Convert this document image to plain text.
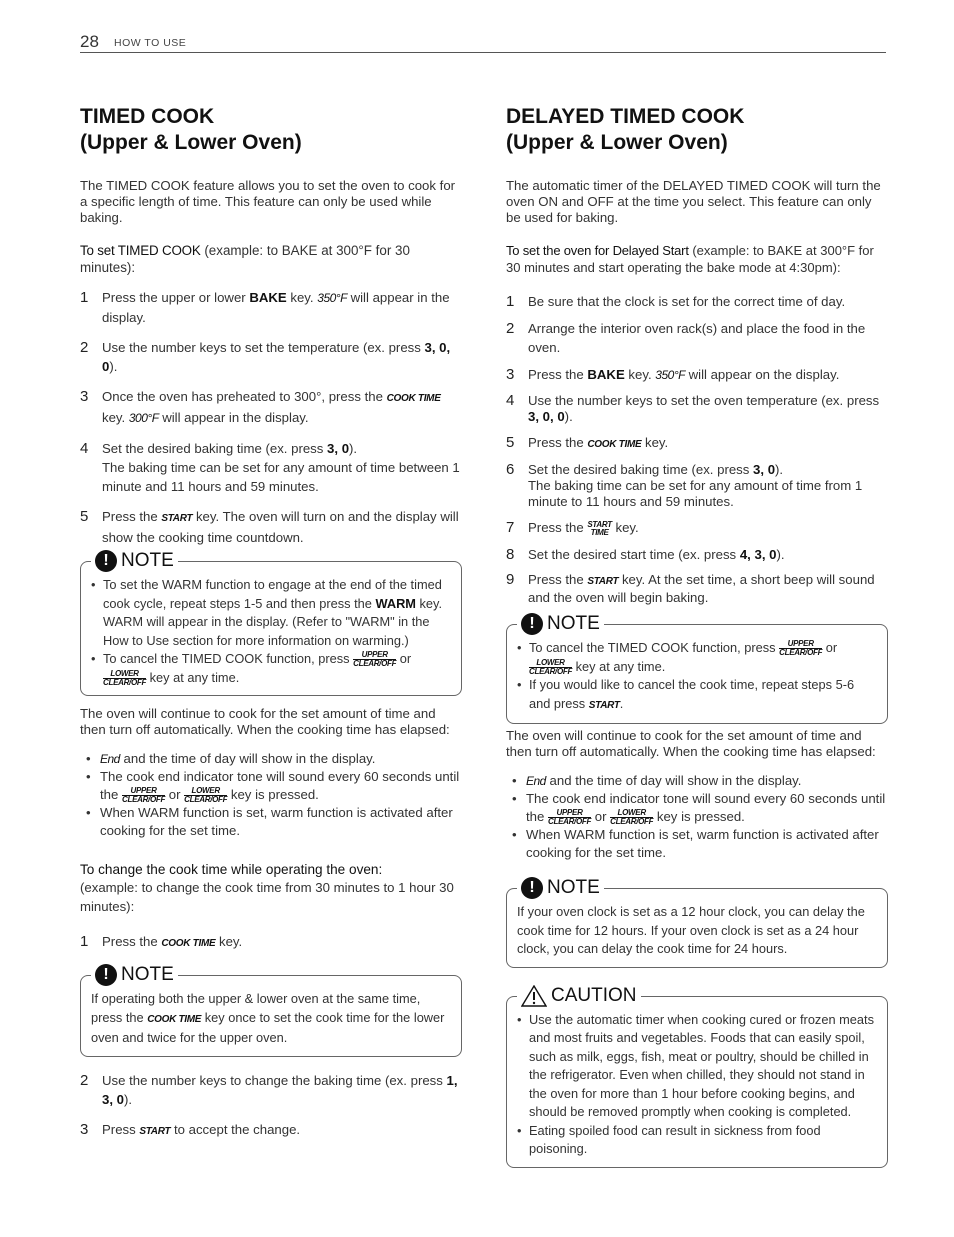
28 HOW TO USE
TIMED COOK
(Upper & Lower Oven)

The TIMED COOK feature allows you to set the oven to cook for a specific length of time. This feature can only be used while baking.

To set TIMED COOK (example: to BAKE at 300°F for 30 minutes):

1 Press the upper or lower BAKE key. 350°F will appear in the display.
2 Use the number keys to set the temperature (ex. press 3, 0, 0).
3 Once the oven has preheated to 300°, press the COOK TIME key. 300°F will appear in the display.
4 Set the desired baking time (ex. press 3, 0).
The baking time can be set for any amount of time between 1 minute and 11 hours and 59 minutes.
5 Press the START key. The oven will turn on and the display will show the cooking time countdown.
! NOTE
• To set the WARM function to engage at the end of the timed cook cycle, repeat steps 1-5 and then press the WARM key. WARM will appear in the display. (Refer to "WARM" in the How to Use section for more information on warming.)
• To cancel the TIMED COOK function, press	UPPER
CLEAR/OFF or
LOWER
CLEAR/OFF key at any time.

The oven will continue to cook for the set amount of time and then turn off automatically. When the cooking time has elapsed:

• End and the time of day will show in the display.
• The cook end indicator tone will sound every 60 seconds until the	UPPER
CLEAR/OFF or LOWER
CLEAR/OFF key is pressed.
• When WARM function is set, warm function is activated after cooking for the set time.

To change the cook time while operating the oven:

(example: to change the cook time from 30 minutes to 1 hour 30 minutes):

1 Press the COOK TIME key.
! NOTE

If operating both the upper & lower oven at the same time, press the COOK TIME key once to set the cook time for the lower oven and twice for the upper oven.

2 Use the number keys to change the baking time (ex. press 1, 3, 0).
3 Press START to accept the change.
DELAYED TIMED COOK
(Upper & Lower Oven)

The automatic timer of the DELAYED TIMED COOK will turn the oven ON and OFF at the time you select. This feature can only be used for baking.

To set the oven for Delayed Start (example: to BAKE at 300°F for 30 minutes and start operating the bake mode at 4:30pm):

1 Be sure that the clock is set for the correct time of day.
2 Arrange the interior oven rack(s) and place the food in the oven.
3 Press the BAKE key. 350°F will appear on the display.
4 Use the number keys to set the oven temperature (ex. press 3, 0, 0).
5 Press the COOK TIME key.
6 Set the desired baking time (ex. press 3, 0).
The baking time can be set for any amount of time from 1 minute to 11 hours and 59 minutes.
7 Press the START
TIME key.
8 Set the desired start time (ex. press 4, 3, 0).
9 Press the START key. At the set time, a short beep will sound and the oven will begin baking.
! NOTE
• To cancel the TIMED COOK function, press	UPPER
CLEAR/OFF or
LOWER
CLEAR/OFF key at any time.
• If you would like to cancel the cook time, repeat steps 5-6 and press START.

The oven will continue to cook for the set amount of time and then turn off automatically. When the cooking time has elapsed:

• End and the time of day will show in the display.
• The cook end indicator tone will sound every 60 seconds until the	UPPER
CLEAR/OFF or LOWER
CLEAR/OFF key is pressed.
• When WARM function is set, warm function is activated after cooking for the set time.
! NOTE

If your oven clock is set as a 12 hour clock, you can delay the cook time for 12 hours. If your oven clock is set as a 24 hour clock, you can delay the cook time for 24 hours.

CAUTION
• Use the automatic timer when cooking cured or frozen meats and most fruits and vegetables. Foods that can easily spoil, such as milk, eggs, fish, meat or poultry, should be chilled in the refrigerator. Even when chilled, they should not stand in the oven for more than 1 hour before cooking begins, and should be removed promptly when cooking is completed.
• Eating spoiled food can result in sickness from food poisoning.
